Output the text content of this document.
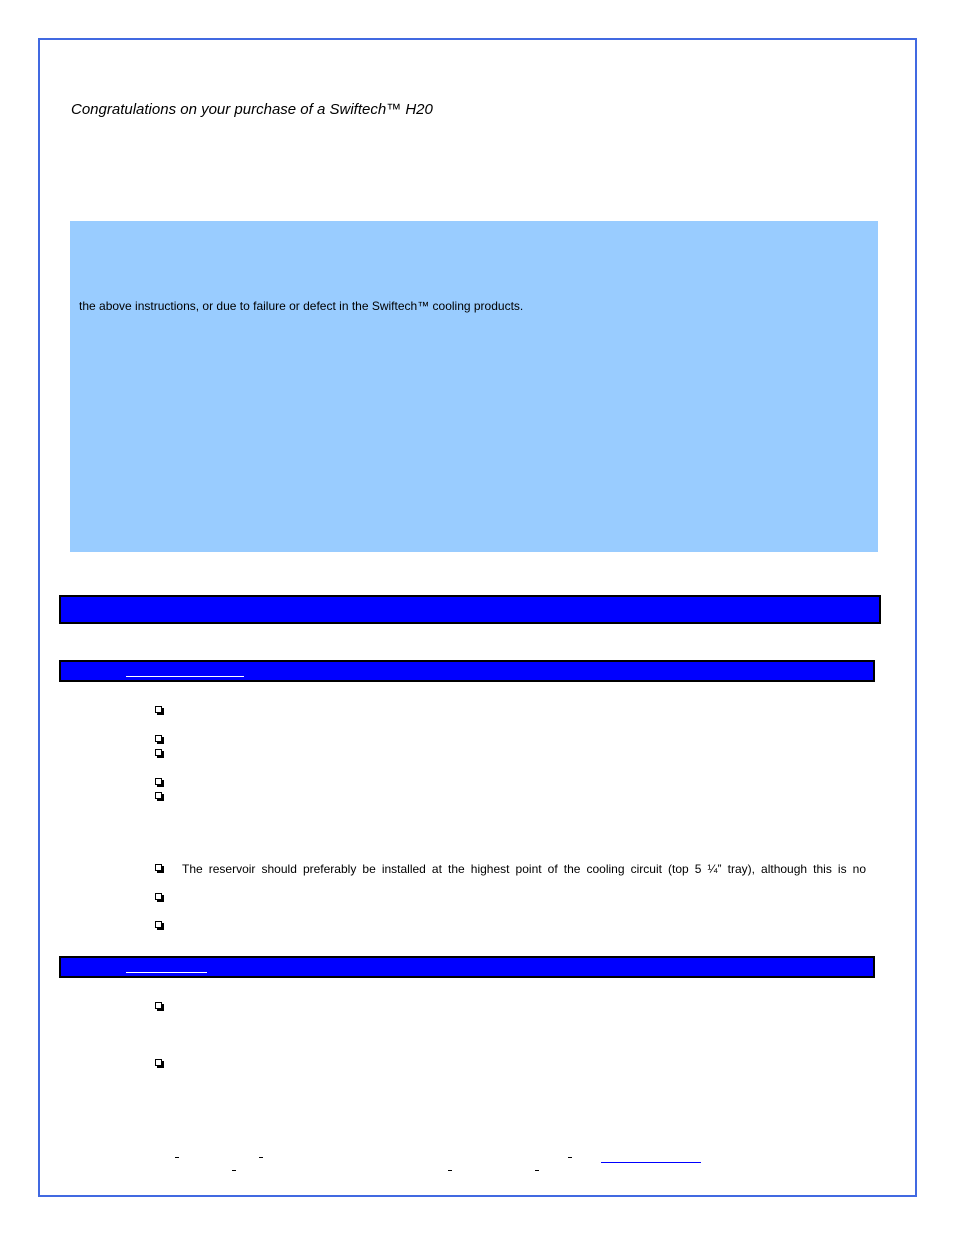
Congratulations on your purchase of a Swiftech™ H20
the above instructions, or due to failure or defect in the Swiftech™ cooling products.
The reservoir should preferably be installed at the highest point of the cooling circuit (top 5 ¼” tray), although this is no
